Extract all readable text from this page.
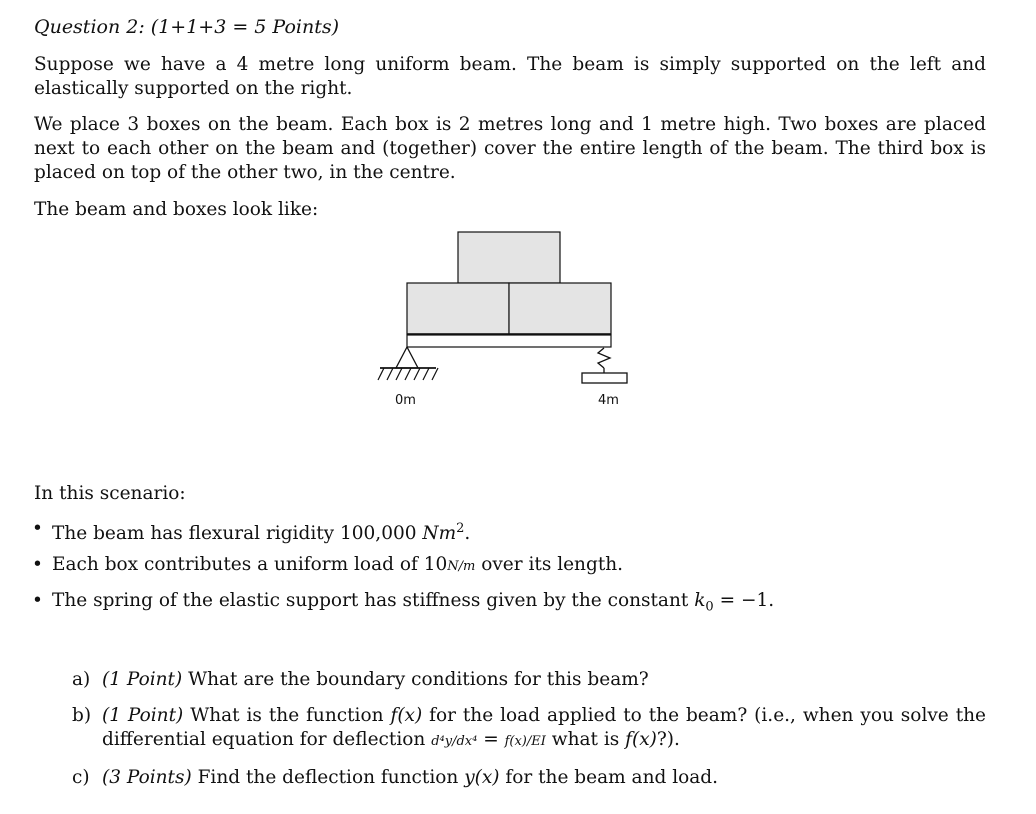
Question 2: (1+1+3 = 5 Points)
Suppose we have a 4 metre long uniform beam. The beam is simply supported on the left and elastically supported on the right.
We place 3 boxes on the beam. Each box is 2 metres long and 1 metre high. Two boxes are placed next to each other on the beam and (together) cover the entire length of the beam. The third box is placed on top of the other two, in the centre.
The beam and boxes look like:
0m	4m
In this scenario:
• The beam has flexural rigidity 100,000 Nm$^2$.
• Each box contributes a uniform load of 10N/m over its length.
• The spring of the elastic support has stiffness given by the constant $k_0 = -1$.
a) (1 Point) What are the boundary conditions for this beam?
b) (1 Point) What is the function f(x) for the load applied to the beam? (i.e., when you solve the differential equation for deflection d⁴y/dx⁴ = f(x)/EI what is f(x)?).
c) (3 Points) Find the deflection function y(x) for the beam and load.
